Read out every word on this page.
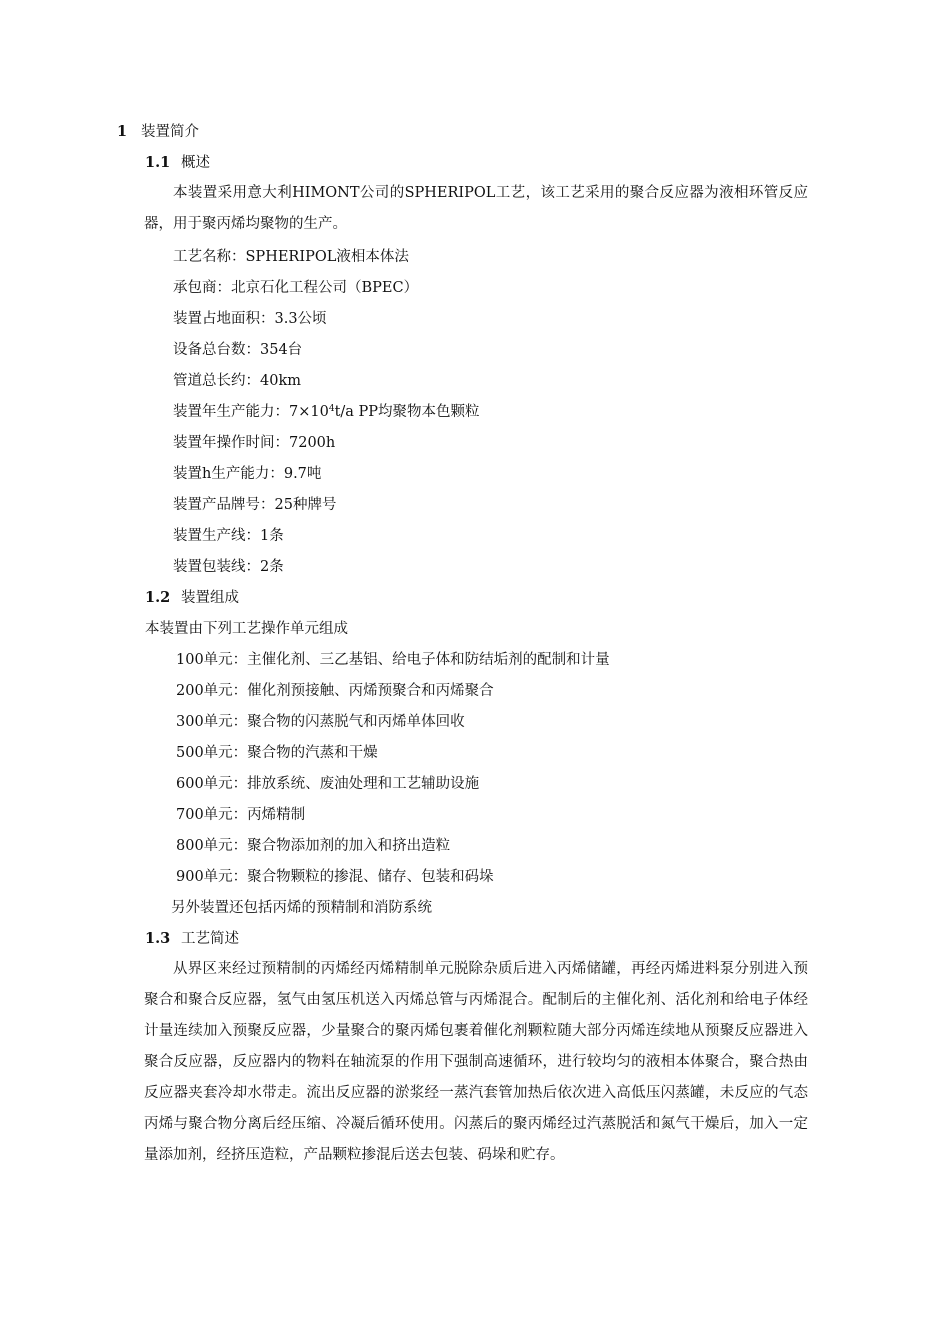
1 装置简介
1.1 概述
本装置采用意大利HIMONT公司的SPHERIPOL工艺，该工艺采用的聚合反应器为液相环管反应器，用于聚丙烯均聚物的生产。
工艺名称：SPHERIPOL液相本体法
承包商：北京石化工程公司（BPEC）
装置占地面积：3.3公顷
设备总台数：354台
管道总长约：40km
装置年生产能力：$7\times 10^4t/a$ PP均聚物本色颗粒
装置年操作时间：7200h
装置h生产能力：9.7吨
装置产品牌号：25种牌号
装置生产线：1条
装置包装线：2条
1.2 装置组成
本装置由下列工艺操作单元组成
100单元：主催化剂、三乙基铝、给电子体和防结垢剂的配制和计量
200单元：催化剂预接触、丙烯预聚合和丙烯聚合
300单元：聚合物的闪蒸脱气和丙烯单体回收
500单元：聚合物的汽蒸和干燥
600单元：排放系统、废油处理和工艺辅助设施
700单元：丙烯精制
800单元：聚合物添加剂的加入和挤出造粒
900单元：聚合物颗粒的掺混、储存、包装和码垛
另外装置还包括丙烯的预精制和消防系统
1.3 工艺简述
从界区来经过预精制的丙烯经丙烯精制单元脱除杂质后进入丙烯储罐，再经丙烯进料泵分别进入预聚合和聚合反应器，氢气由氢压机送入丙烯总管与丙烯混合。配制后的主催化剂、活化剂和给电子体经计量连续加入预聚反应器，少量聚合的聚丙烯包裹着催化剂颗粒随大部分丙烯连续地从预聚反应器进入聚合反应器，反应器内的物料在轴流泵的作用下强制高速循环，进行较均匀的液相本体聚合，聚合热由反应器夹套冷却水带走。流出反应器的淤浆经一蒸汽套管加热后依次进入高低压闪蒸罐，未反应的气态丙烯与聚合物分离后经压缩、冷凝后循环使用。闪蒸后的聚丙烯经过汽蒸脱活和氮气干燥后，加入一定量添加剂，经挤压造粒，产品颗粒掺混后送去包装、码垛和贮存。
